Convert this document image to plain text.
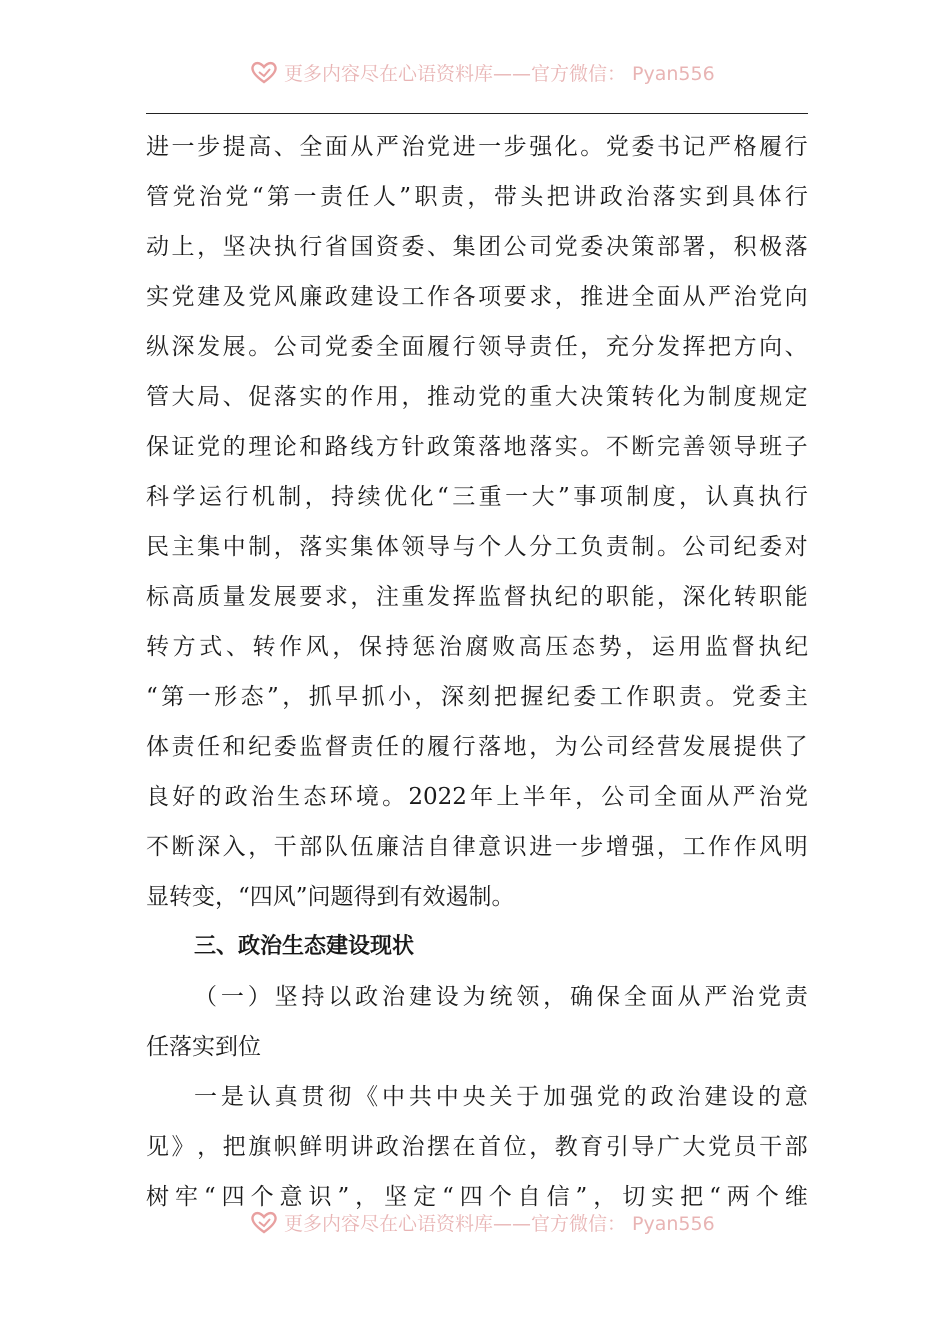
更多内容尽在心语资料库——官方微信： Pyan556
进 一 步 提 高 、 全 面 从 严 治 党 进 一 步 强 化 。 党 委 书 记 严 格 履 行
管 党 治 党 “ 第 一 责 任 人 ” 职 责 ， 带 头 把 讲 政 治 落 实 到 具 体 行
动 上 ， 坚 决 执 行 省 国 资 委 、 集 团 公 司 党 委 决 策 部 署 ， 积 极 落
实 党 建 及 党 风 廉 政 建 设 工 作 各 项 要 求 ， 推 进 全 面 从 严 治 党 向
纵 深 发 展 。 公 司 党 委 全 面 履 行 领 导 责 任 ， 充 分 发 挥 把 方 向 、
管 大 局 、 促 落 实 的 作 用 ， 推 动 党 的 重 大 决 策 转 化 为 制 度 规 定
保 证 党 的 理 论 和 路 线 方 针 政 策 落 地 落 实 。 不 断 完 善 领 导 班 子
科 学 运 行 机 制 ， 持 续 优 化 “ 三 重 一 大 ” 事 项 制 度 ， 认 真 执 行
民 主 集 中 制 ， 落 实 集 体 领 导 与 个 人 分 工 负 责 制 。 公 司 纪 委 对
标 高 质 量 发 展 要 求 ， 注 重 发 挥 监 督 执 纪 的 职 能 ， 深 化 转 职 能
转 方 式 、 转 作 风 ， 保 持 惩 治 腐 败 高 压 态 势 ， 运 用 监 督 执 纪
“ 第 一 形 态 ” ， 抓 早 抓 小 ， 深 刻 把 握 纪 委 工 作 职 责 。 党 委 主
体 责 任 和 纪 委 监 督 责 任 的 履 行 落 地 ， 为 公 司 经 营 发 展 提 供 了
良 好 的 政 治 生 态 环 境 。 2022 年 上 半 年 ， 公 司 全 面 从 严 治 党
不 断 深 入 ， 干 部 队 伍 廉 洁 自 律 意 识 进 一 步 增 强 ， 工 作 作 风 明
显转变，“四风”问题得到有效遏制。
三、政治生态建设现状
（ 一 ） 坚 持 以 政 治 建 设 为 统 领 ， 确 保 全 面 从 严 治 党 责
任落实到位
一 是 认 真 贯 彻 《 中 共 中 央 关 于 加 强 党 的 政 治 建 设 的 意
见 》 ， 把 旗 帜 鲜 明 讲 政 治 摆 在 首 位 ， 教 育 引 导 广 大 党 员 干 部
树 牢 “ 四 个 意 识 ” ， 坚 定 “ 四 个 自 信 ” ， 切 实 把 “ 两 个 维
更多内容尽在心语资料库——官方微信： Pyan556
